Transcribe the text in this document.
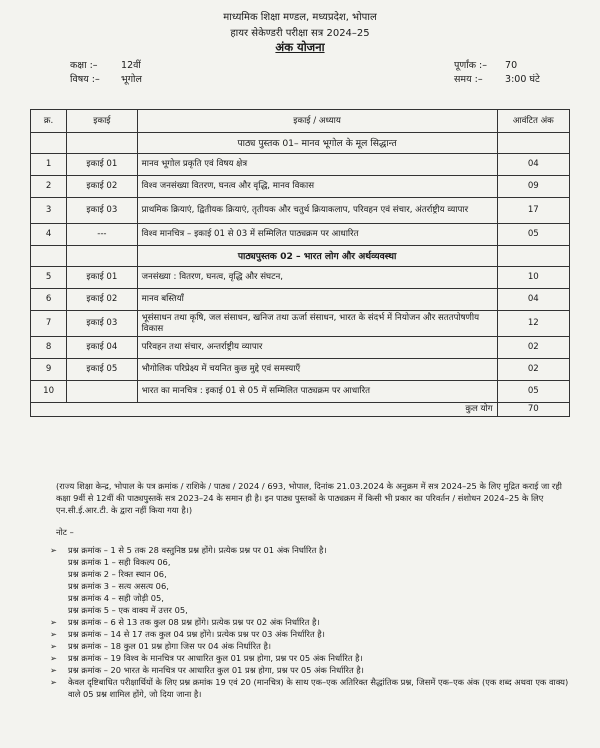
माध्यमिक शिक्षा मण्डल, मध्यप्रदेश, भोपाल
हायर सेकेण्डरी परीक्षा सत्र 2024–25
अंक योजना
कक्षा :– 12वीं
विषय :– भूगोल
पूर्णांक :– 70
समय :– 3:00 घंटे
क्र.	इकाई	इकाई / अध्याय	आवंटित अंक
		पाठ्य पुस्तक 01– मानव भूगोल के मूल सिद्धान्त	
1	इकाई 01	मानव भूगोल प्रकृति एवं विषय क्षेत्र	04
2	इकाई 02	विश्व जनसंख्या वितरण, घनत्व और वृद्धि, मानव विकास	09
3	इकाई 03	प्राथमिक क्रियाएं, द्वितीयक क्रियाएं, तृतीयक और चतुर्थ क्रियाकलाप, परिवहन एवं संचार, अंतर्राष्ट्रीय व्यापार	17
4	---	विश्व मानचित्र – इकाई 01 से 03 में सम्मिलित पाठ्यक्रम पर आधारित	05
		पाठ्यपुस्तक 02 – भारत लोग और अर्थव्यवस्था	
5	इकाई 01	जनसंख्या : वितरण, घनत्व, वृद्धि और संघटन,	10
6	इकाई 02	मानव बस्तियाँ	04
7	इकाई 03	भूसंसाधन तथा कृषि, जल संसाधन, खनिज तथा ऊर्जा संसाधन, भारत के संदर्भ में नियोजन और सततपोषणीय विकास	12
8	इकाई 04	परिवहन तथा संचार, अन्तर्राष्ट्रीय व्यापार	02
9	इकाई 05	भौगोलिक परिप्रेक्ष्य में चयनित कुछ मुद्दे एवं समस्याएँ	02
10		भारत का मानचित्र : इकाई 01 से 05 में सम्मिलित पाठ्यक्रम पर आधारित	05
कुल योग			70
(राज्य शिक्षा केन्द्र, भोपाल के पत्र क्रमांक / राशिके / पाठ्य / 2024 / 693, भोपाल, दिनांक 21.03.2024 के अनुक्रम में सत्र 2024–25 के लिए मुद्रित कराई जा रही कक्षा 9वीं से 12वीं की पाठ्यपुस्तकें सत्र 2023–24 के समान ही है। इन पाठ्य पुस्तकों के पाठ्यक्रम में किसी भी प्रकार का परिवर्तन / संशोधन 2024–25 के लिए एन.सी.ई.आर.टी. के द्वारा नहीं किया गया है।)
नोट –
➢ प्रश्न क्रमांक – 1 से 5 तक 28 वस्तुनिष्ठ प्रश्न होंगे। प्रत्येक प्रश्न पर 01 अंक निर्धारित है।
प्रश्न क्रमांक 1 – सही विकल्प 06,
प्रश्न क्रमांक 2 – रिक्त स्थान 06,
प्रश्न क्रमांक 3 – सत्य असत्य 06,
प्रश्न क्रमांक 4 – सही जोड़ी 05,
प्रश्न क्रमांक 5 – एक वाक्य में उत्तर 05,
➢ प्रश्न क्रमांक – 6 से 13 तक कुल 08 प्रश्न होंगे। प्रत्येक प्रश्न पर 02 अंक निर्धारित है।
➢ प्रश्न क्रमांक – 14 से 17 तक कुल 04 प्रश्न होंगे। प्रत्येक प्रश्न पर 03 अंक निर्धारित है।
➢ प्रश्न क्रमांक – 18 कुल 01 प्रश्न होगा जिस पर 04 अंक निर्धारित है।
➢ प्रश्न क्रमांक – 19 विश्व के मानचित्र पर आधारित कुल 01 प्रश्न होगा, प्रश्न पर 05 अंक निर्धारित है।
➢ प्रश्न क्रमांक – 20 भारत के मानचित्र पर आधारित कुल 01 प्रश्न होगा, प्रश्न पर 05 अंक निर्धारित है।
➢ केवल दृष्टिबाधित परीक्षार्थियों के लिए प्रश्न क्रमांक 19 एवं 20 (मानचित्र) के साथ एक–एक अतिरिक्त सैद्धांतिक प्रश्न, जिसमें एक–एक अंक (एक शब्द अथवा एक वाक्य) वाले 05 प्रश्न शामिल होंगे, जो दिया जाना है।
